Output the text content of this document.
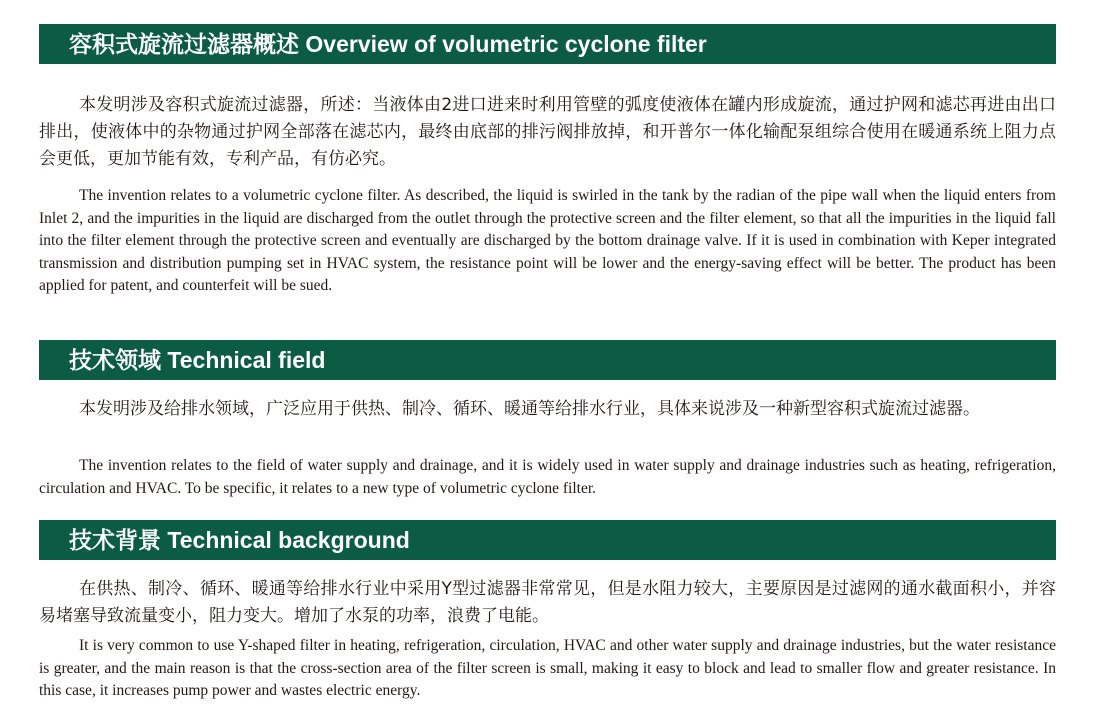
容积式旋流过滤器概述 Overview of volumetric cyclone filter

本发明涉及容积式旋流过滤器，所述：当液体由2进口进来时利用管壁的弧度使液体在罐内形成旋流，通过护网和滤芯再进由出口排出，使液体中的杂物通过护网全部落在滤芯内，最终由底部的排污阀排放掉，和开普尔一体化输配泵组综合使用在暖通系统上阻力点会更低，更加节能有效，专利产品，有仿必究。

The invention relates to a volumetric cyclone filter. As described, the liquid is swirled in the tank by the radian of the pipe wall when the liquid enters from Inlet 2, and the impurities in the liquid are discharged from the outlet through the protective screen and the filter element, so that all the impurities in the liquid fall into the filter element through the protective screen and eventually are discharged by the bottom drainage valve. If it is used in combination with Keper integrated transmission and distribution pumping set in HVAC system, the resistance point will be lower and the energy-saving effect will be better. The product has been applied for patent, and counterfeit will be sued.

技术领域 Technical field

本发明涉及给排水领域，广泛应用于供热、制冷、循环、暖通等给排水行业，具体来说涉及一种新型容积式旋流过滤器。

The invention relates to the field of water supply and drainage, and it is widely used in water supply and drainage industries such as heating, refrigeration, circulation and HVAC. To be specific, it relates to a new type of volumetric cyclone filter.

技术背景 Technical background

在供热、制冷、循环、暖通等给排水行业中采用Y型过滤器非常常见，但是水阻力较大，主要原因是过滤网的通水截面积小，并容易堵塞导致流量变小，阻力变大。增加了水泵的功率，浪费了电能。

It is very common to use Y-shaped filter in heating, refrigeration, circulation, HVAC and other water supply and drainage industries, but the water resistance is greater, and the main reason is that the cross-section area of the filter screen is small, making it easy to block and lead to smaller flow and greater resistance. In this case, it increases pump power and wastes electric energy.
